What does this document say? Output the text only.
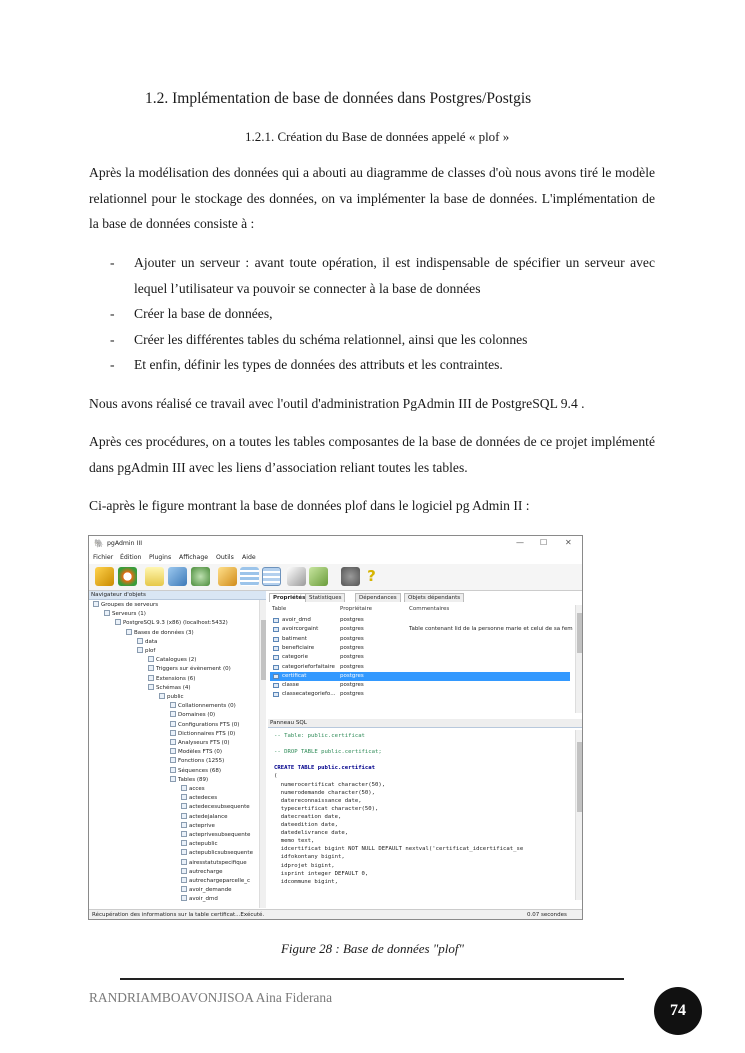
1.2. Implémentation de base de données dans Postgres/Postgis
1.2.1. Création du Base de données appelé « plof »
Après la modélisation des données qui a abouti au diagramme de classes d'où nous avons tiré le modèle relationnel pour le stockage des données, on va implémenter la base de données. L'implémentation de la base de données consiste à :
- Ajouter un serveur : avant toute opération, il est indispensable de spécifier un serveur avec lequel l’utilisateur va pouvoir se connecter à la base de données
- Créer la base de données,
- Créer les différentes tables du schéma relationnel, ainsi que les colonnes
- Et enfin, définir les types de données des attributs et les contraintes.
Nous avons réalisé ce travail avec l'outil d'administration PgAdmin III de PostgreSQL 9.4 .
Après ces procédures, on a toutes les tables composantes de la base de données de ce projet implémenté dans pgAdmin III avec les liens d’association reliant toutes les tables.
Ci-après le figure montrant la base de données plof dans le logiciel pg Admin II :
🐘 pgAdmin III	— ☐ ✕
Fichier Édition Plugins Affichage Outils Aide
?
Navigateur d'objets
Groupes de serveurs
Serveurs (1)
PostgreSQL 9.3 (x86) (localhost:5432)
Bases de données (3)
data
plof
Catalogues (2)
Triggers sur évènement (0)
Extensions (6)
Schémas (4)
public
Collationnements (0)
Domaines (0)
Configurations FTS (0)
Dictionnaires FTS (0)
Analyseurs FTS (0)
Modèles FTS (0)
Fonctions (1255)
Séquences (68)
Tables (89)
acces
actedeces
actedecesubsequente
actedejalance
acteprive
acteprivesubsequente
actepublic
actepublicsubsequente
airesstatutspecifique
autrecharge
autrechargeparcelle_c
avoir_demande
avoir_dmd
Propriétés Statistiques	Dépendances	Objets dépendants
Table	Propriétaire	Commentaires
avoir_dmd	postgres
avoircorgaint	postgres	Table contenant lid de la personne marie et celui de sa fem
batiment	postgres
beneficiaire	postgres
categorie	postgres
categorieforfaitaire postgres
certificat	postgres
classe	postgres
classecategoriefo... postgres
Panneau SQL
-- Table: public.certificat
-- DROP TABLE public.certificat;
CREATE TABLE public.certificat
(
numerocertificat character(50),
numerodemande character(50),
datereconnaissance date,
typecertificat character(50),
datecreation date,
dateedition date,
datedelivrance date,
memo text,
idcertificat bigint NOT NULL DEFAULT nextval('certificat_idcertificat_se
idfokontany bigint,
idprojet bigint,
isprint integer DEFAULT 0,
idcommune bigint,
Récupération des informations sur la table certificat...Exécuté.	0.07 secondes
Figure 28 : Base de données "plof"
RANDRIAMBOAVONJISOA Aina Fiderana
74
